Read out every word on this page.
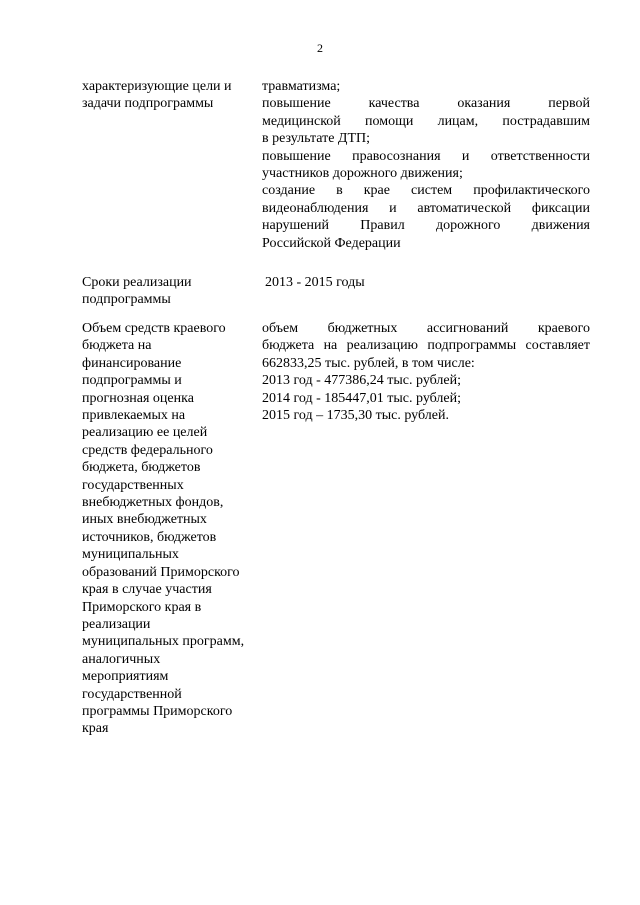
2
характеризующие цели и
задачи подпрограммы
травматизма;
повышение качества оказания первой
медицинской помощи лицам, пострадавшим
в результате ДТП;
повышение правосознания и ответственности
участников дорожного движения;
создание в крае систем профилактического
видеонаблюдения и автоматической фиксации
нарушений Правил дорожного движения
Российской Федерации
Сроки реализации
подпрограммы
2013 - 2015 годы
Объем средств краевого
бюджета на
финансирование
подпрограммы и
прогнозная оценка
привлекаемых на
реализацию ее целей
средств федерального
бюджета, бюджетов
государственных
внебюджетных фондов,
иных внебюджетных
источников, бюджетов
муниципальных
образований Приморского
края в случае участия
Приморского края в
реализации
муниципальных программ,
аналогичных
мероприятиям
государственной
программы Приморского
края
объем бюджетных ассигнований краевого
бюджета на реализацию подпрограммы составляет
662833,25 тыс. рублей, в том числе:
2013 год - 477386,24 тыс. рублей;
2014 год - 185447,01 тыс. рублей;
2015 год – 1735,30 тыс. рублей.
